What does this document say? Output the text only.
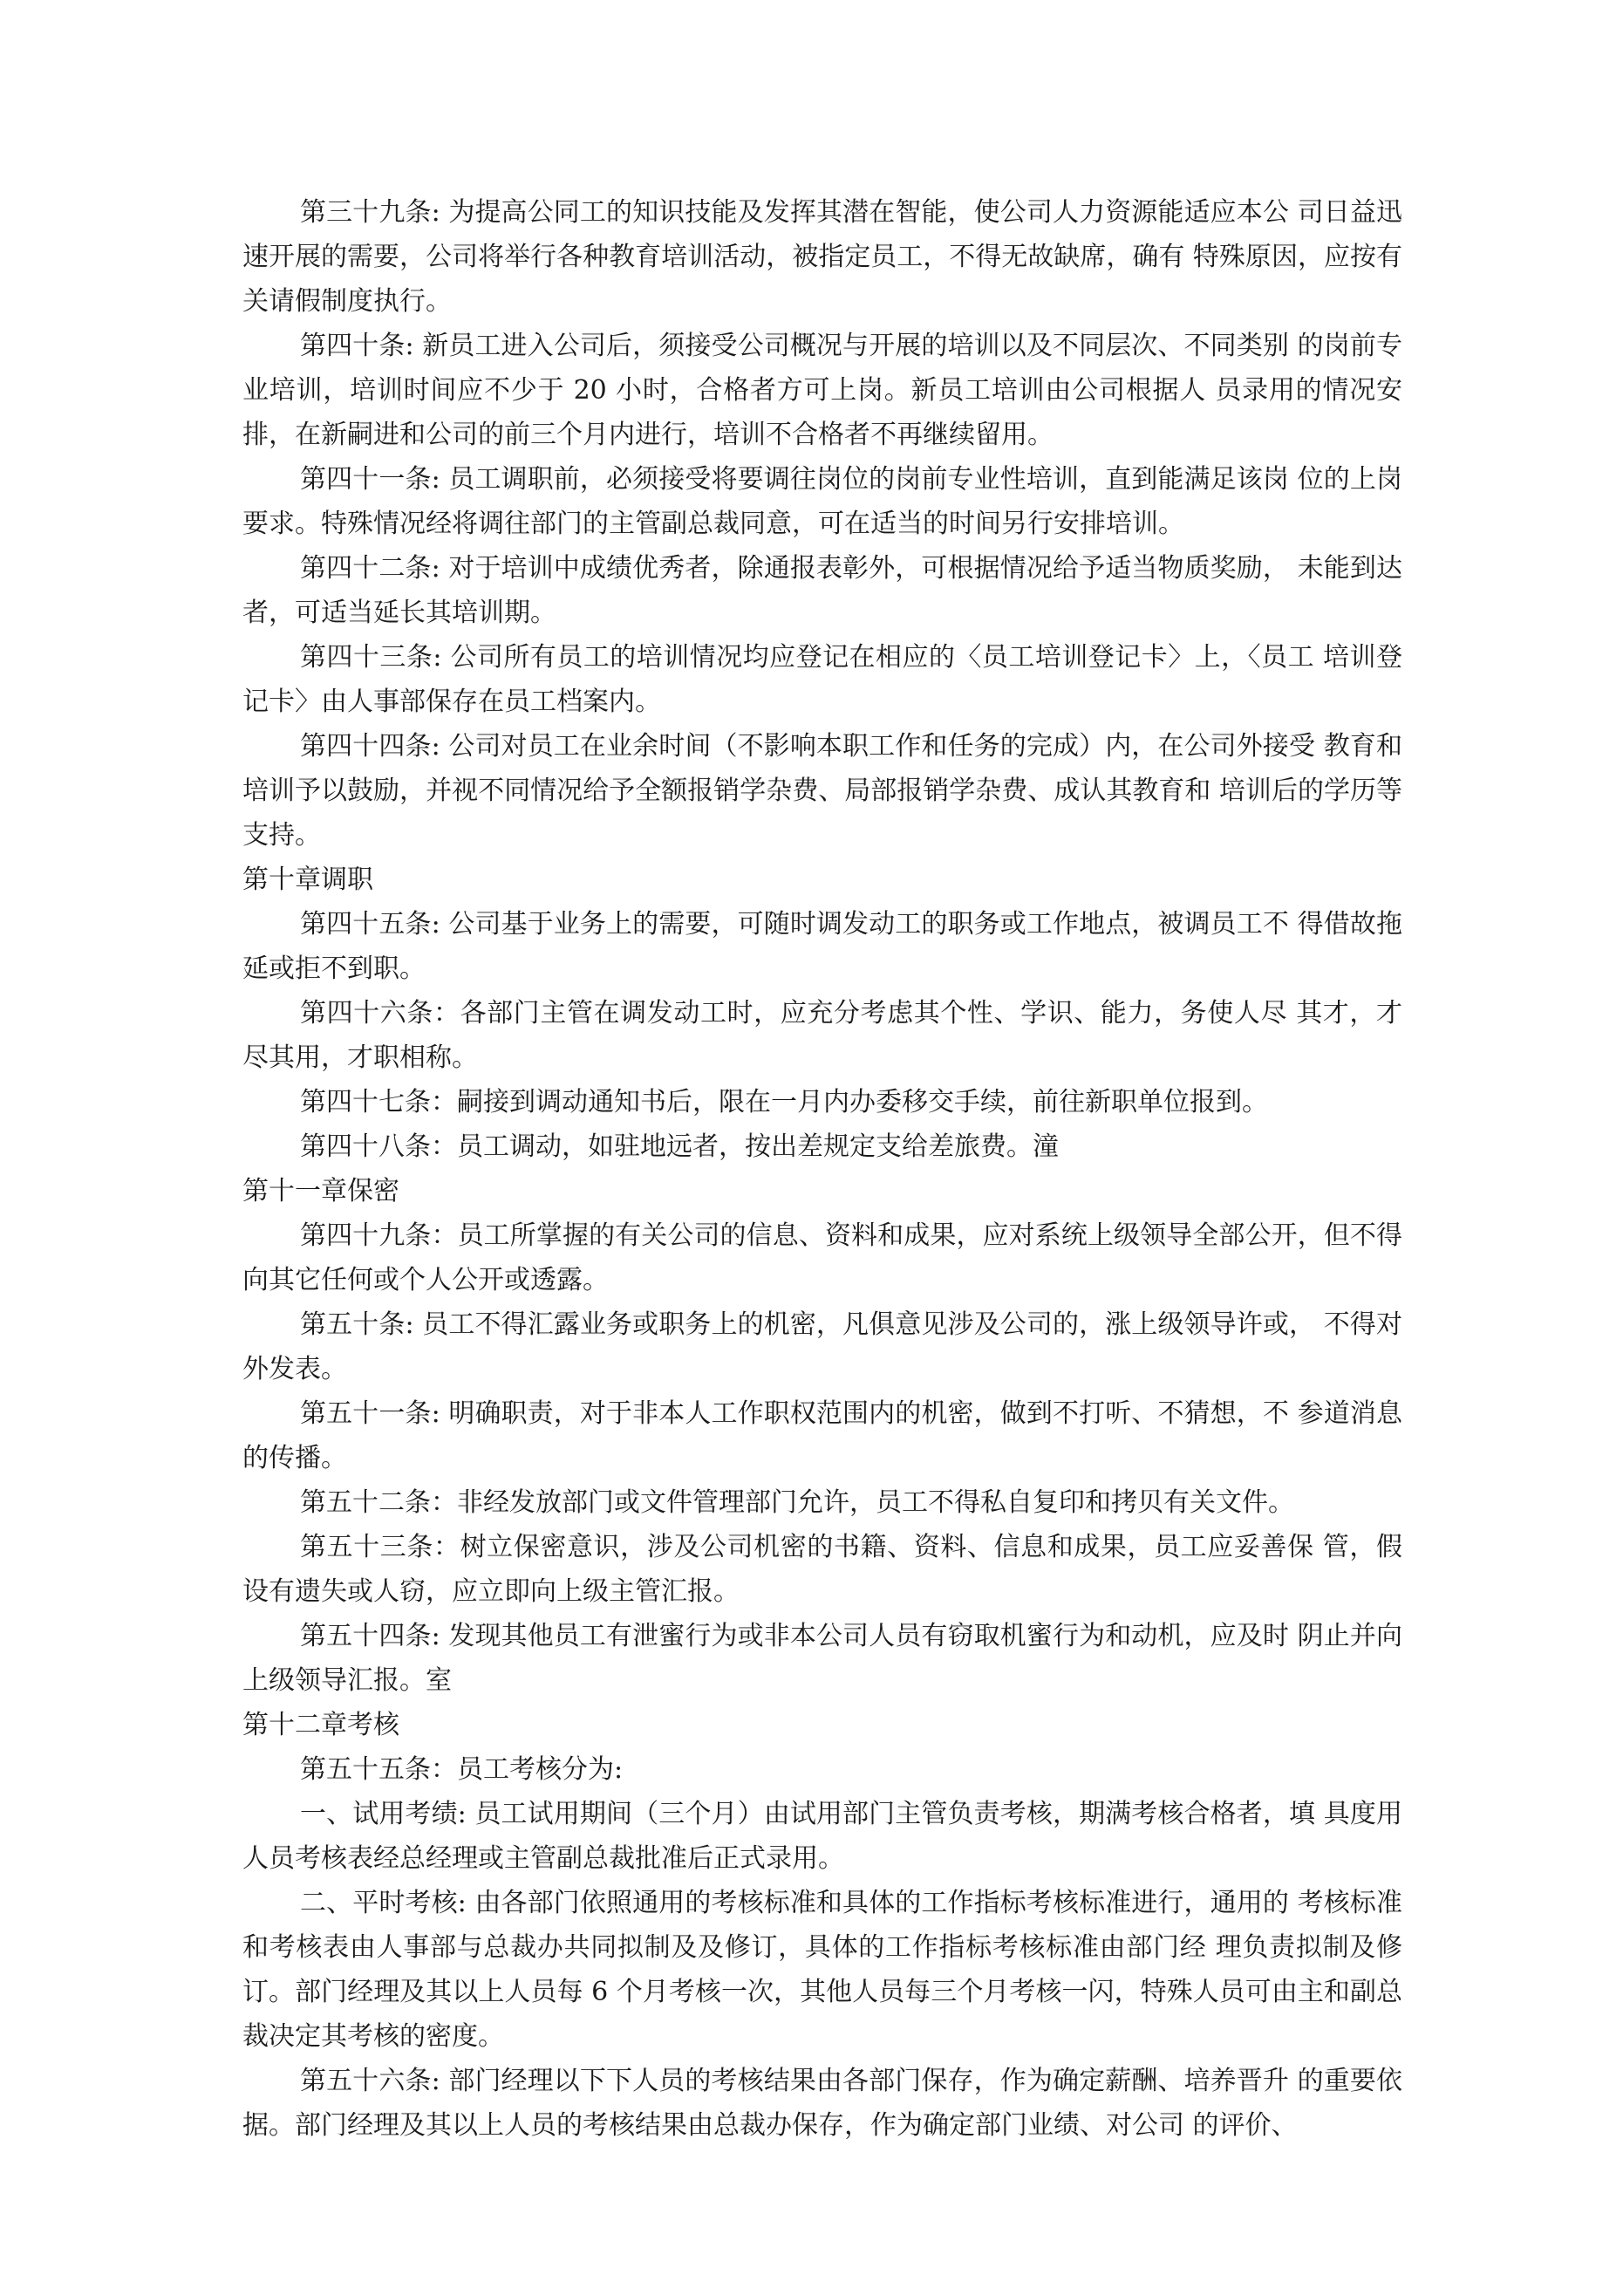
第三十九条: 为提高公同工的知识技能及发挥其潜在智能，使公司人力资源能适应本公 司日益迅速开展的需要，公司将举行各种教育培训活动，被指定员工，不得无故缺席，确有 特殊原因，应按有关请假制度执行。

第四十条: 新员工进入公司后，须接受公司概况与开展的培训以及不同层次、不同类别 的岗前专业培训，培训时间应不少于 20 小时，合格者方可上岗。新员工培训由公司根据人 员录用的情况安排，在新嗣进和公司的前三个月内进行，培训不合格者不再继续留用。

第四十一条: 员工调职前，必须接受将要调往岗位的岗前专业性培训，直到能满足该岗 位的上岗要求。特殊情况经将调往部门的主管副总裁同意，可在适当的时间另行安排培训。

第四十二条: 对于培训中成绩优秀者，除通报表彰外，可根据情况给予适当物质奖励， 未能到达者，可适当延长其培训期。

第四十三条: 公司所有员工的培训情况均应登记在相应的〈员工培训登记卡〉上，〈员工 培训登记卡〉由人事部保存在员工档案内。

第四十四条: 公司对员工在业余时间（不影响本职工作和任务的完成）内，在公司外接受 教育和培训予以鼓励，并视不同情况给予全额报销学杂费、局部报销学杂费、成认其教育和 培训后的学历等支持。

第十章调职

第四十五条: 公司基于业务上的需要，可随时调发动工的职务或工作地点，被调员工不 得借故拖延或拒不到职。

第四十六条：各部门主管在调发动工时，应充分考虑其个性、学识、能力，务使人尽 其才，才尽其用，才职相称。

第四十七条：嗣接到调动通知书后，限在一月内办委移交手续，前往新职单位报到。

第四十八条：员工调动，如驻地远者，按出差规定支给差旅费。潼

第十一章保密

第四十九条：员工所掌握的有关公司的信息、资料和成果，应对系统上级领导全部公开，但不得向其它任何或个人公开或透露。

第五十条: 员工不得汇露业务或职务上的机密，凡俱意见涉及公司的，涨上级领导许或， 不得对外发表。

第五十一条: 明确职责，对于非本人工作职权范围内的机密，做到不打听、不猜想，不 参道消息的传播。

第五十二条：非经发放部门或文件管理部门允许，员工不得私自复印和拷贝有关文件。

第五十三条：树立保密意识，涉及公司机密的书籍、资料、信息和成果，员工应妥善保 管，假设有遗失或人窃，应立即向上级主管汇报。

第五十四条: 发现其他员工有泄蜜行为或非本公司人员有窃取机蜜行为和动机，应及时 阴止并向上级领导汇报。室

第十二章考核

第五十五条：员工考核分为:

一、试用考绩: 员工试用期间（三个月）由试用部门主管负责考核，期满考核合格者，填 具度用人员考核表经总经理或主管副总裁批准后正式录用。

二、平时考核: 由各部门依照通用的考核标准和具体的工作指标考核标准进行，通用的 考核标准和考核表由人事部与总裁办共同拟制及及修订，具体的工作指标考核标准由部门经 理负责拟制及修订。部门经理及其以上人员每 6 个月考核一次，其他人员每三个月考核一闪，特殊人员可由主和副总裁决定其考核的密度。

第五十六条: 部门经理以下下人员的考核结果由各部门保存，作为确定薪酬、培养晋升 的重要依据。部门经理及其以上人员的考核结果由总裁办保存，作为确定部门业绩、对公司 的评价、
